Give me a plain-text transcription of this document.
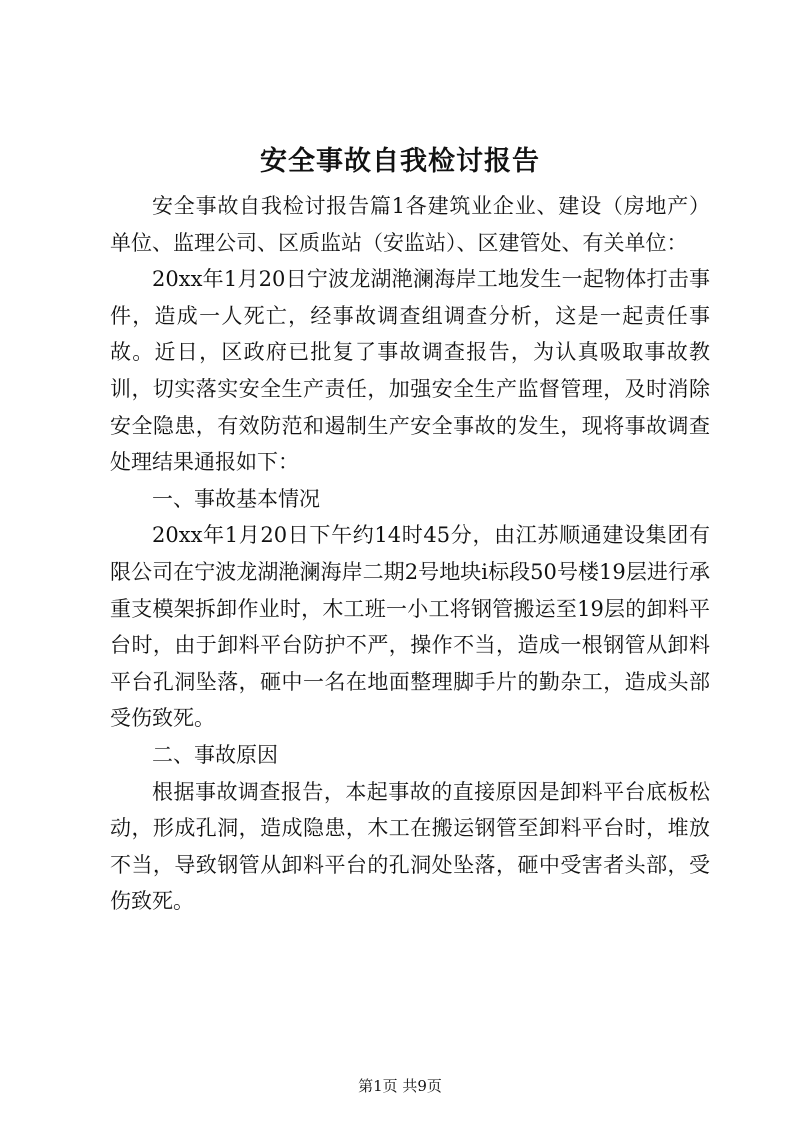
安全事故自我检讨报告

安全事故自我检讨报告篇1各建筑业企业、建设（房地产）单位、监理公司、区质监站（安监站）、区建管处、有关单位：

20xx年1月20日宁波龙湖滟澜海岸工地发生一起物体打击事件，造成一人死亡，经事故调查组调查分析，这是一起责任事故。近日，区政府已批复了事故调查报告，为认真吸取事故教训，切实落实安全生产责任，加强安全生产监督管理，及时消除安全隐患，有效防范和遏制生产安全事故的发生，现将事故调查处理结果通报如下：

一、事故基本情况

20xx年1月20日下午约14时45分，由江苏顺通建设集团有限公司在宁波龙湖滟澜海岸二期2号地块i标段50号楼19层进行承重支模架拆卸作业时，木工班一小工将钢管搬运至19层的卸料平台时，由于卸料平台防护不严，操作不当，造成一根钢管从卸料平台孔洞坠落，砸中一名在地面整理脚手片的勤杂工，造成头部受伤致死。

二、事故原因

根据事故调查报告，本起事故的直接原因是卸料平台底板松动，形成孔洞，造成隐患，木工在搬运钢管至卸料平台时，堆放不当，导致钢管从卸料平台的孔洞处坠落，砸中受害者头部，受伤致死。

第1页 共9页
